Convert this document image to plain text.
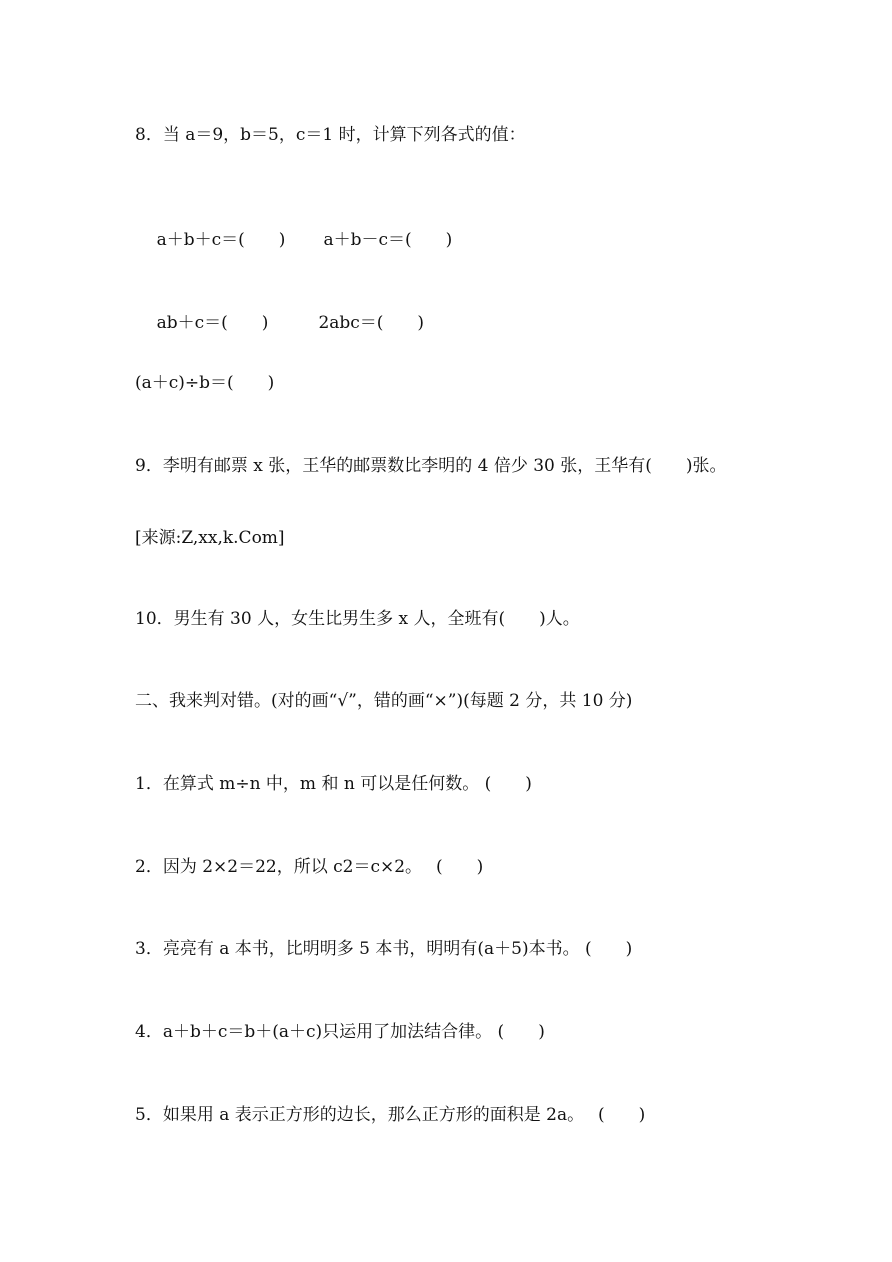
8．当 a＝9，b＝5，c＝1 时，计算下列各式的值：

a＋b＋c＝(　　) a＋b－c＝(　　)

ab＋c＝(　　)	2abc＝(　　)

(a＋c)÷b＝(　　)
9．李明有邮票 x 张，王华的邮票数比李明的 4 倍少 30 张，王华有(　　)张。
[来源:Z,xx,k.Com]
10．男生有 30 人，女生比男生多 x 人，全班有(　　)人。
二、我来判对错。(对的画“√”，错的画“×”)(每题 2 分，共 10 分)
1．在算式 m÷n 中，m 和 n 可以是任何数。 (　　)
2．因为 2×2＝22，所以 c2＝c×2。　 (　　)
3．亮亮有 a 本书，比明明多 5 本书，明明有(a＋5)本书。 (　　)
4．a＋b＋c＝b＋(a＋c)只运用了加法结合律。 (　　)
5．如果用 a 表示正方形的边长，那么正方形的面积是 2a。　 (　　)
